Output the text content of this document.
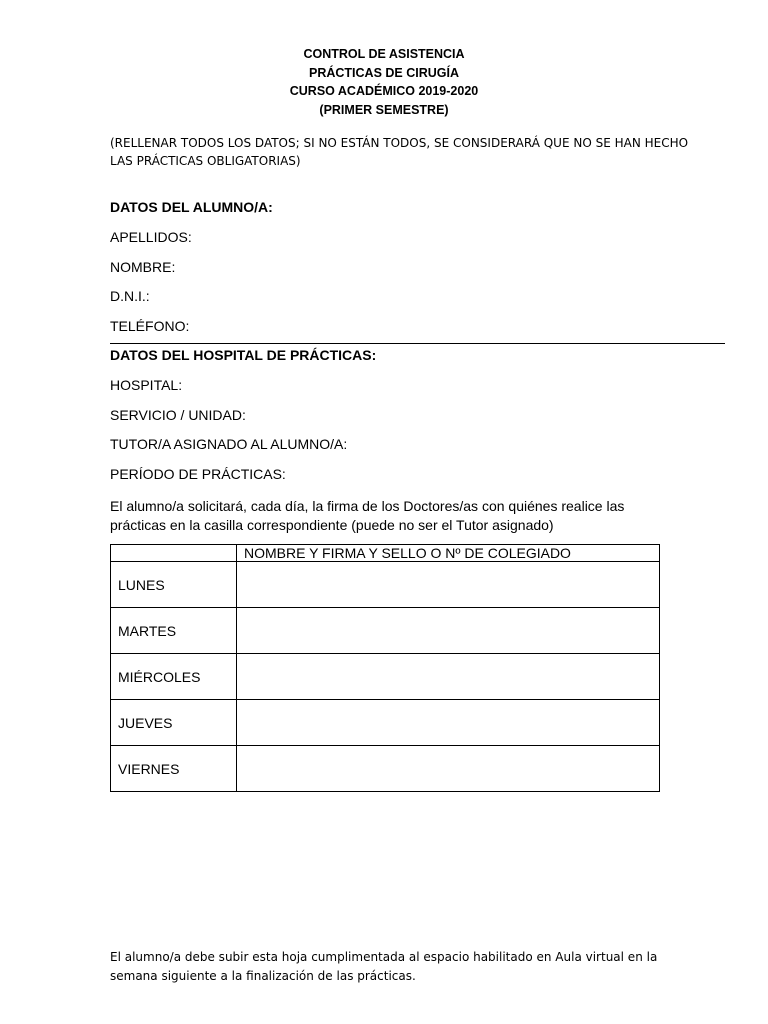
CONTROL DE ASISTENCIA
PRÁCTICAS DE CIRUGÍA
CURSO ACADÉMICO 2019-2020
(PRIMER SEMESTRE)
(RELLENAR TODOS LOS DATOS; SI NO ESTÁN TODOS, SE CONSIDERARÁ QUE NO SE HAN HECHO
LAS PRÁCTICAS OBLIGATORIAS)
DATOS DEL ALUMNO/A:
APELLIDOS:
NOMBRE:
D.N.I.:
TELÉFONO:
DATOS DEL HOSPITAL DE PRÁCTICAS:
HOSPITAL:
SERVICIO / UNIDAD:
TUTOR/A ASIGNADO AL ALUMNO/A:
PERÍODO DE PRÁCTICAS:
El alumno/a solicitará, cada día, la firma de los Doctores/as con quiénes realice las
prácticas en la casilla correspondiente (puede no ser el Tutor asignado)
	NOMBRE Y FIRMA Y SELLO O Nº DE COLEGIADO
LUNES	
MARTES	
MIÉRCOLES	
JUEVES	
VIERNES	
El alumno/a debe subir esta hoja cumplimentada al espacio habilitado en Aula virtual en la
semana siguiente a la finalización de las prácticas.
